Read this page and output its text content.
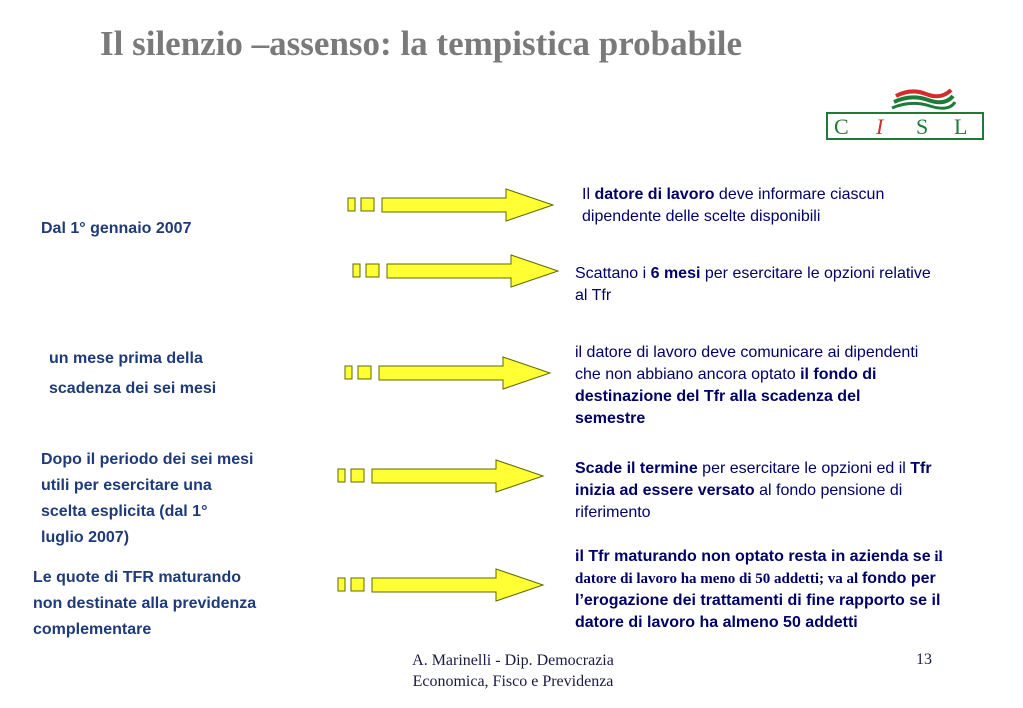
Il silenzio –assenso: la tempistica probabile
C I S L
Dal 1° gennaio 2007
un mese prima della
scadenza dei sei mesi
Dopo il periodo dei sei mesi
utili per esercitare una
scelta esplicita (dal 1°
luglio 2007)
Le quote di TFR maturando
non destinate alla previdenza
complementare
Il datore di lavoro deve informare ciascun dipendente delle scelte disponibili
Scattano i 6 mesi per esercitare le opzioni relative al Tfr
il datore di lavoro deve comunicare ai dipendenti che non abbiano ancora optato il fondo di destinazione del Tfr alla scadenza del semestre
Scade il termine per esercitare le opzioni ed il Tfr inizia ad essere versato al fondo pensione di riferimento
il Tfr maturando non optato resta in azienda se il datore di lavoro ha meno di 50 addetti; va al fondo per l’erogazione dei trattamenti di fine rapporto se il datore di lavoro ha almeno 50 addetti
A. Marinelli - Dip. Democrazia
Economica, Fisco e Previdenza
13
